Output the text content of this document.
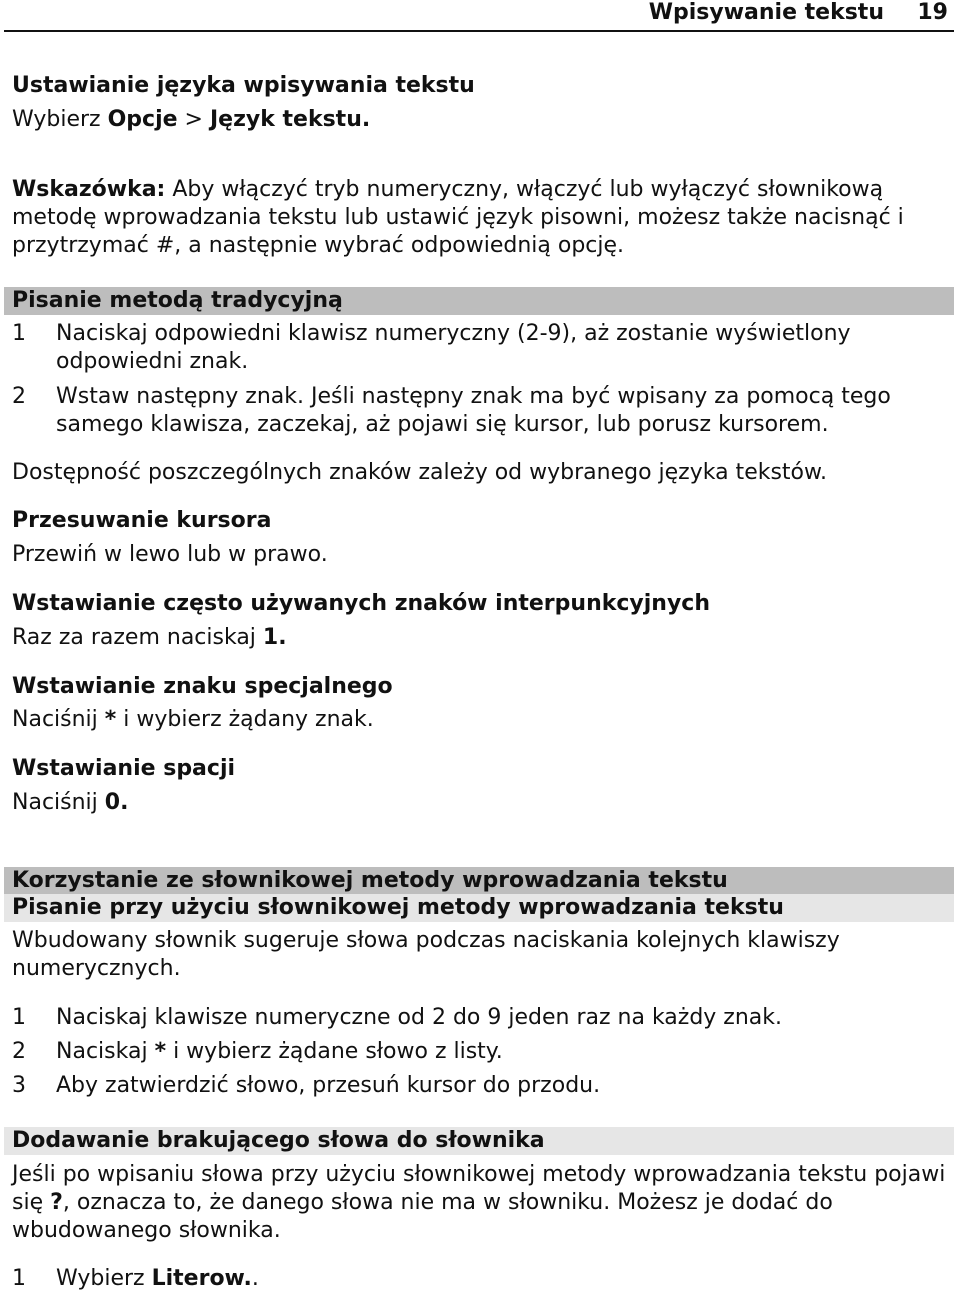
Wpisywanie tekstu 19
Ustawianie języka wpisywania tekstu
Wybierz Opcje > Język tekstu.
Wskazówka: Aby włączyć tryb numeryczny, włączyć lub wyłączyć słownikową metodę wprowadzania tekstu lub ustawić język pisowni, możesz także nacisnąć i przytrzymać #, a następnie wybrać odpowiednią opcję.
Pisanie metodą tradycyjną
1	Naciskaj odpowiedni klawisz numeryczny (2-9), aż zostanie wyświetlony odpowiedni znak.
2	Wstaw następny znak. Jeśli następny znak ma być wpisany za pomocą tego samego klawisza, zaczekaj, aż pojawi się kursor, lub porusz kursorem.
Dostępność poszczególnych znaków zależy od wybranego języka tekstów.
Przesuwanie kursora
Przewiń w lewo lub w prawo.
Wstawianie często używanych znaków interpunkcyjnych
Raz za razem naciskaj 1.
Wstawianie znaku specjalnego
Naciśnij * i wybierz żądany znak.
Wstawianie spacji
Naciśnij 0.
Korzystanie ze słownikowej metody wprowadzania tekstu
Pisanie przy użyciu słownikowej metody wprowadzania tekstu
Wbudowany słownik sugeruje słowa podczas naciskania kolejnych klawiszy numerycznych.
1	Naciskaj klawisze numeryczne od 2 do 9 jeden raz na każdy znak.
2	Naciskaj * i wybierz żądane słowo z listy.
3	Aby zatwierdzić słowo, przesuń kursor do przodu.
Dodawanie brakującego słowa do słownika
Jeśli po wpisaniu słowa przy użyciu słownikowej metody wprowadzania tekstu pojawi się ?, oznacza to, że danego słowa nie ma w słowniku. Możesz je dodać do wbudowanego słownika.
1	Wybierz Literow..
